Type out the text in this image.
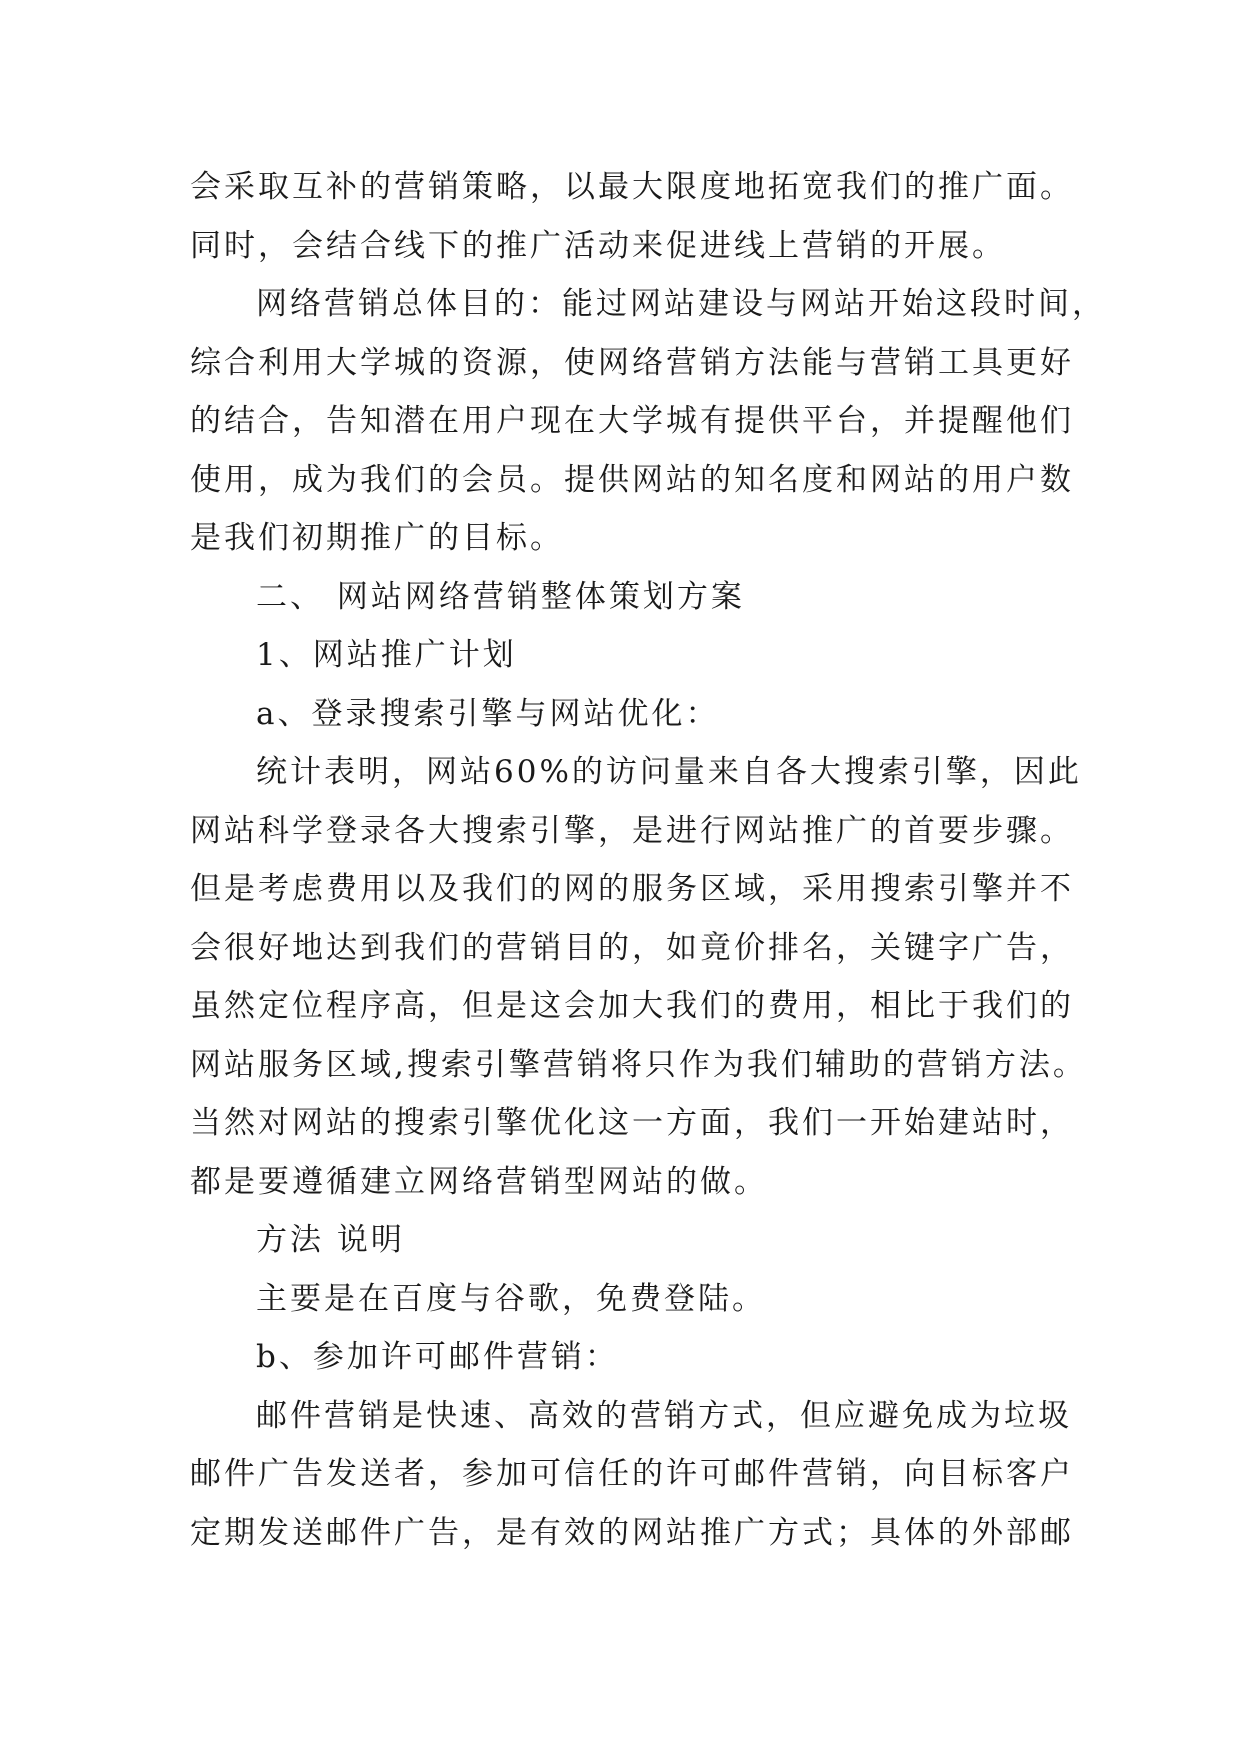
会采取互补的营销策略，以最大限度地拓宽我们的推广面。
同时，会结合线下的推广活动来促进线上营销的开展。
网络营销总体目的：能过网站建设与网站开始这段时间，
综合利用大学城的资源，使网络营销方法能与营销工具更好
的结合，告知潜在用户现在大学城有提供平台，并提醒他们
使用，成为我们的会员。提供网站的知名度和网站的用户数
是我们初期推广的目标。
二、 网站网络营销整体策划方案
1、网站推广计划
a、登录搜索引擎与网站优化：
统计表明，网站60%的访问量来自各大搜索引擎，因此
网站科学登录各大搜索引擎，是进行网站推广的首要步骤。
但是考虑费用以及我们的网的服务区域，采用搜索引擎并不
会很好地达到我们的营销目的，如竟价排名，关键字广告，
虽然定位程序高，但是这会加大我们的费用，相比于我们的
网站服务区域,搜索引擎营销将只作为我们辅助的营销方法。
当然对网站的搜索引擎优化这一方面，我们一开始建站时，
都是要遵循建立网络营销型网站的做。
方法 说明
主要是在百度与谷歌，免费登陆。
b、参加许可邮件营销：
邮件营销是快速、高效的营销方式，但应避免成为垃圾
邮件广告发送者，参加可信任的许可邮件营销，向目标客户
定期发送邮件广告，是有效的网站推广方式；具体的外部邮
